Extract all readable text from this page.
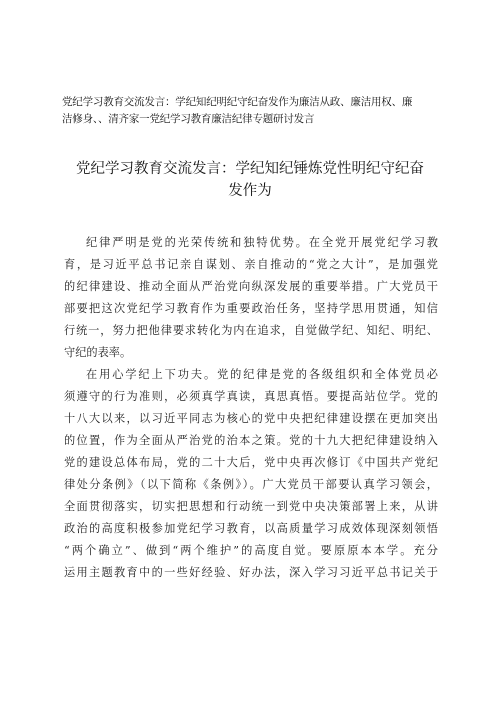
党纪学习教育交流发言：学纪知纪明纪守纪奋发作为廉洁从政、廉洁用权、廉
洁修身、、清齐家一党纪学习教育廉洁纪律专题研讨发言
党纪学习教育交流发言：学纪知纪锤炼党性明纪守纪奋
发作为
纪律严明是党的光荣传统和独特优势。在全党开展党纪学习教
育，是习近平总书记亲自谋划、亲自推动的“党之大计”，是加强党
的纪律建设、推动全面从严治党向纵深发展的重要举措。广大党员干
部要把这次党纪学习教育作为重要政治任务，坚持学思用贯通，知信
行统一，努力把他律要求转化为内在追求，自觉做学纪、知纪、明纪、
守纪的表率。
在用心学纪上下功夫。党的纪律是党的各级组织和全体党员必
须遵守的行为准则，必须真学真读，真思真悟。要提高站位学。党的
十八大以来，以习近平同志为核心的党中央把纪律建设摆在更加突出
的位置，作为全面从严治党的治本之策。党的十九大把纪律建设纳入
党的建设总体布局，党的二十大后，党中央再次修订《中国共产党纪
律处分条例》（以下简称《条例》）。广大党员干部要认真学习领会，
全面贯彻落实，切实把思想和行动统一到党中央决策部署上来，从讲
政治的高度积极参加党纪学习教育，以高质量学习成效体现深刻领悟
“两个确立”、做到“两个维护”的高度自觉。要原原本本学。充分
运用主题教育中的一些好经验、好办法，深入学习习近平总书记关于
